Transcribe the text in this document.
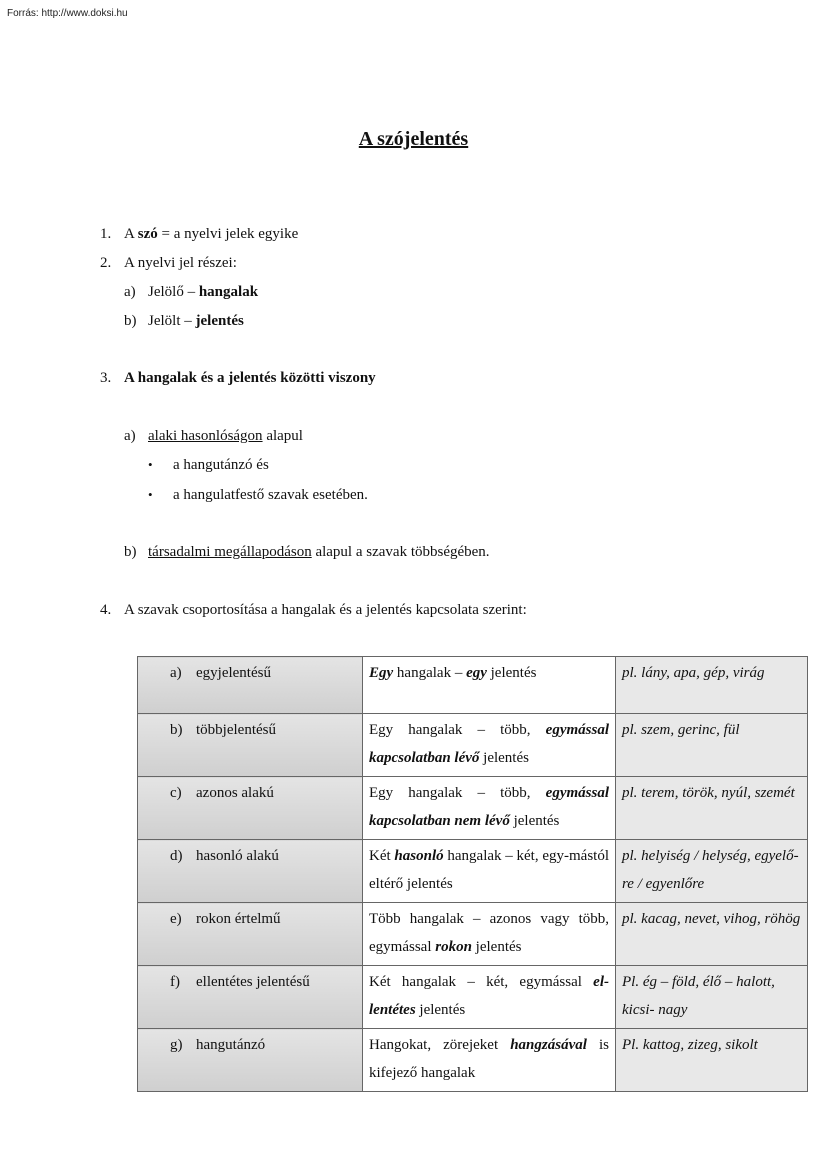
Forrás: http://www.doksi.hu
A szójelentés
1. A szó = a nyelvi jelek egyike
2. A nyelvi jel részei:
a) Jelölő – hangalak
b) Jelölt – jelentés
3. A hangalak és a jelentés közötti viszony
a) alaki hasonlóságon alapul
• a hangutánzó és
• a hangulatfestő szavak esetében.
b) társadalmi megállapodáson alapul a szavak többségében.
4. A szavak csoportosítása a hangalak és a jelentés kapcsolata szerint:
a) egyjelentésű	Egy hangalak – egy jelentés	pl. lány, apa, gép, virág
b) többjelentésű	Egy hangalak – több, egymással kapcsolatban lévő jelentés	pl. szem, gerinc, fül
c) azonos alakú	Egy hangalak – több, egymással kapcsolatban nem lévő jelentés	pl. terem, török, nyúl, szemét
d) hasonló alakú	Két hasonló hangalak – két, egy-mástól eltérő jelentés	pl. helyiség / helység, egyelő-re / egyenlőre
e) rokon értelmű	Több hangalak – azonos vagy több, egymással rokon jelentés	pl. kacag, nevet, vihog, röhög
f) ellentétes jelentésű	Két hangalak – két, egymással el-lentétes jelentés	Pl. ég – föld, élő – halott, kicsi- nagy
g) hangutánzó	Hangokat, zörejeket hangzásával is kifejező hangalak	Pl. kattog, zizeg, sikolt
